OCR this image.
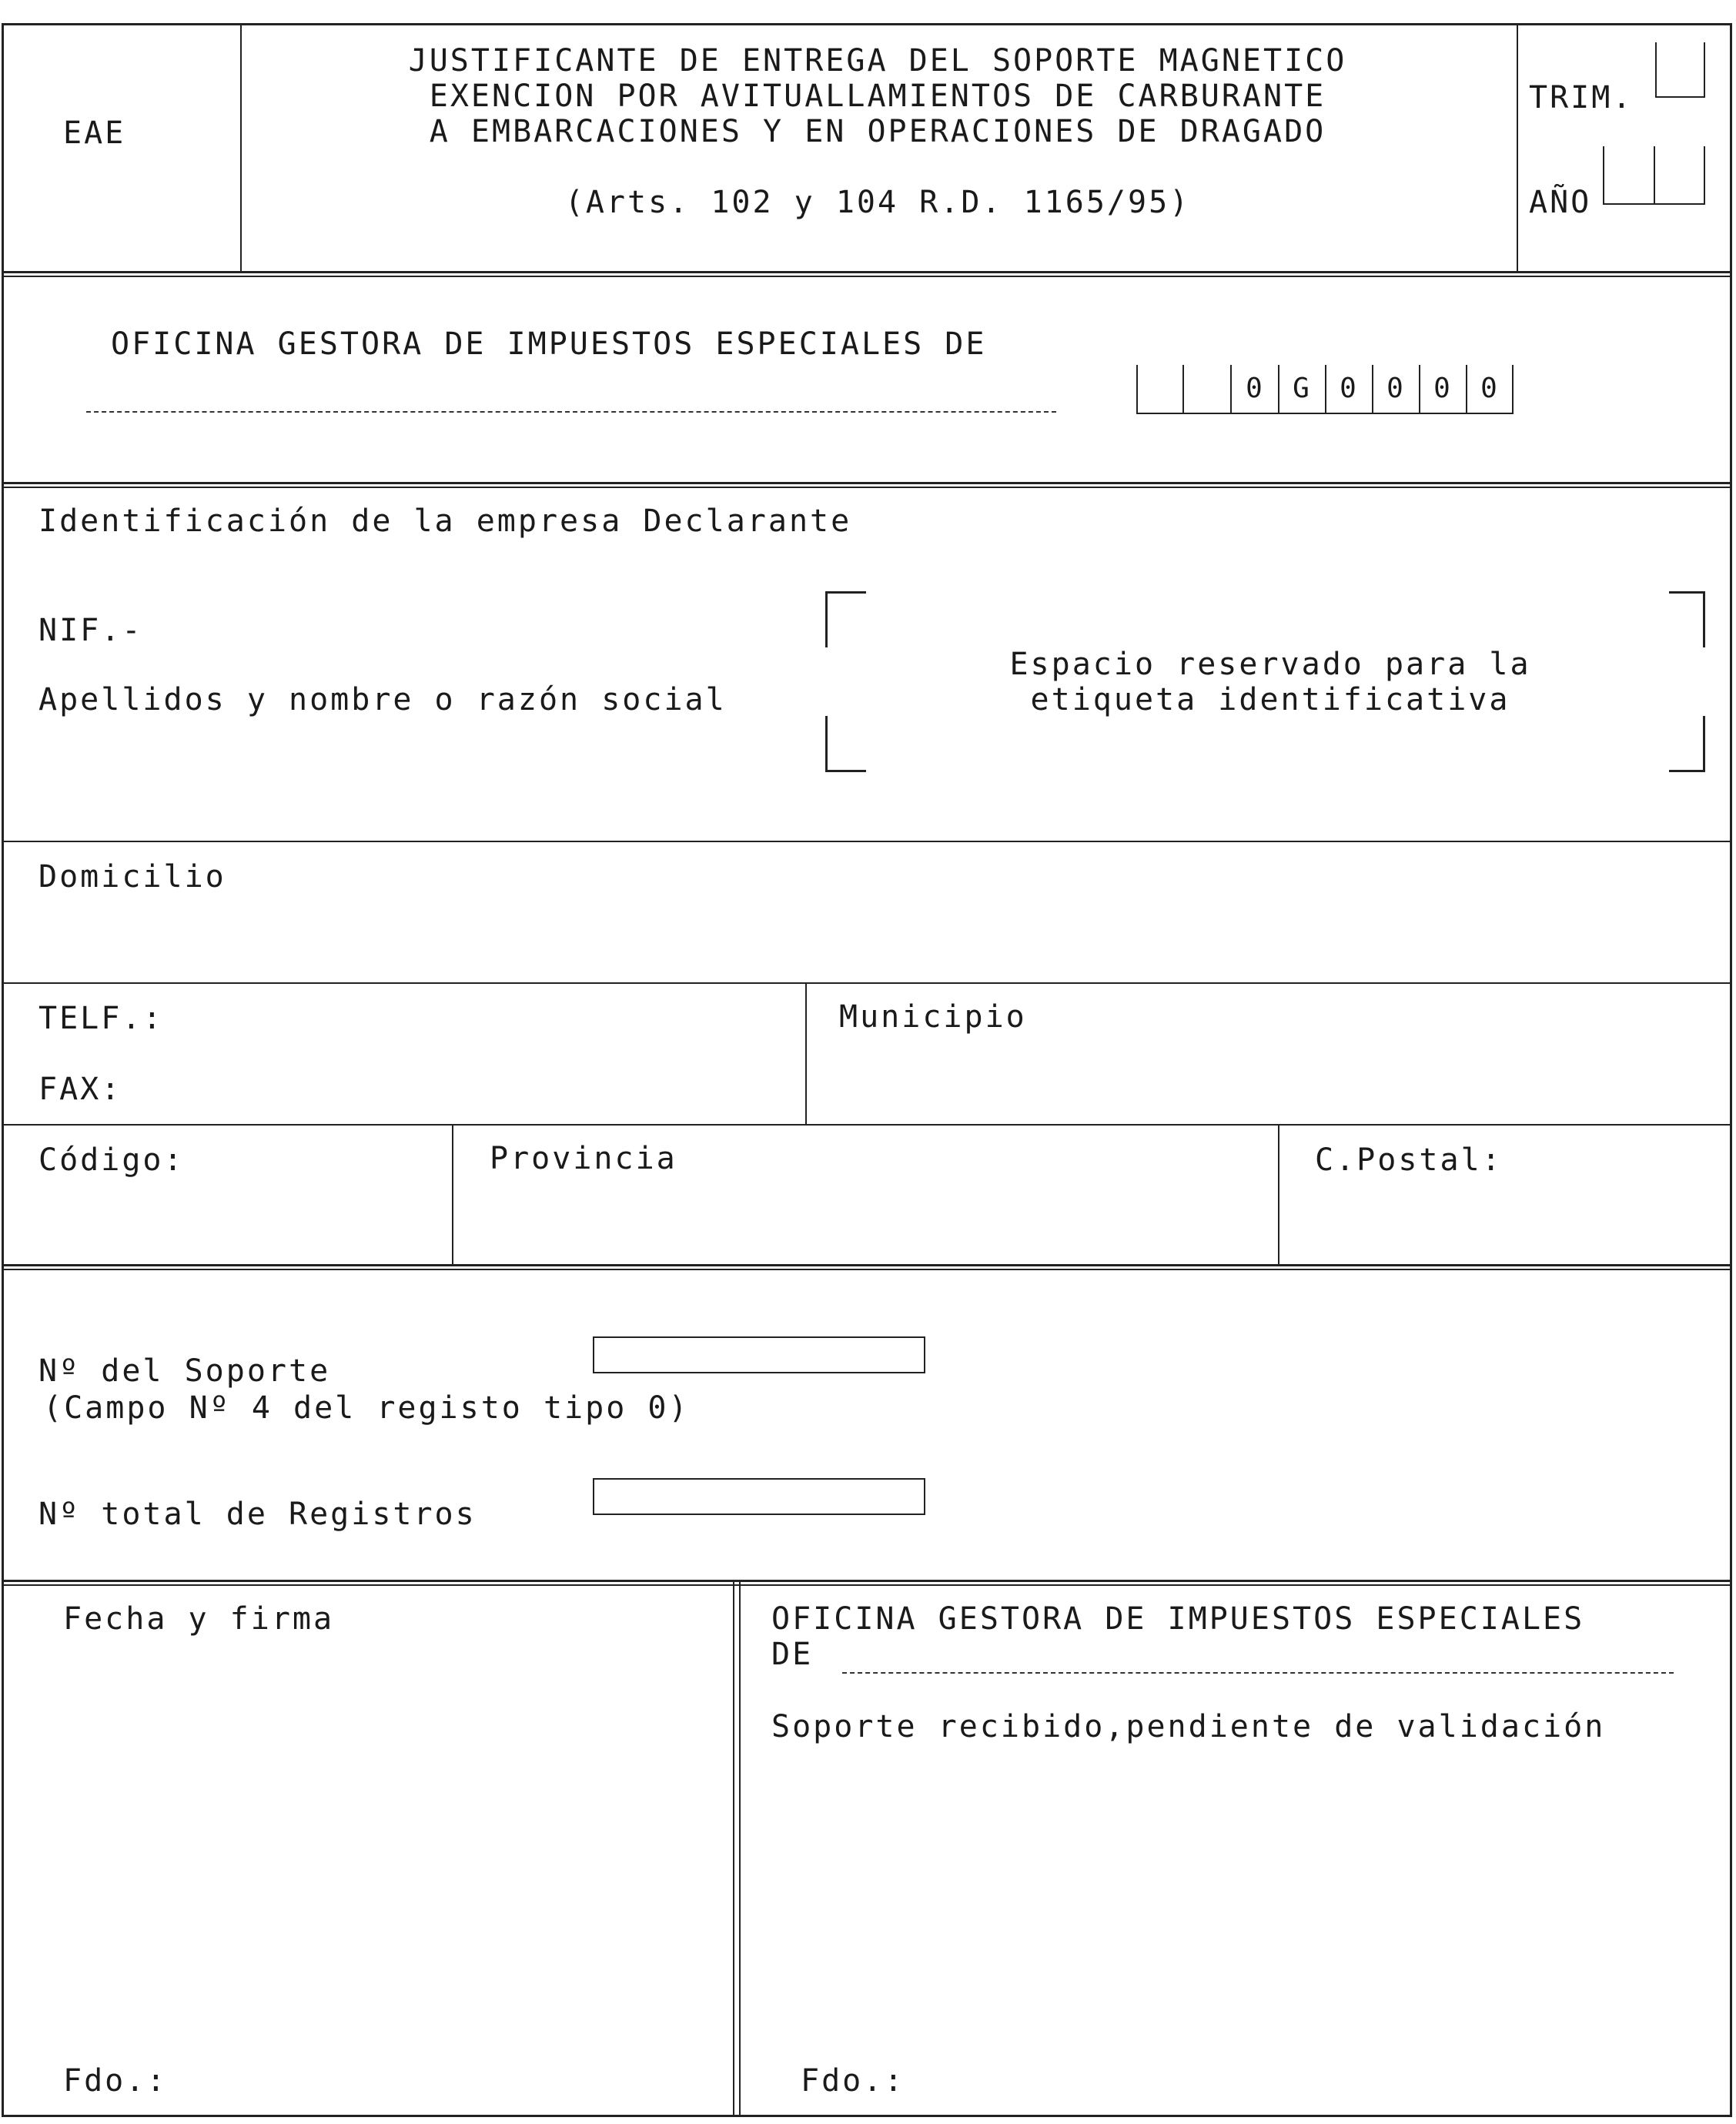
EAE
JUSTIFICANTE DE ENTREGA DEL SOPORTE MAGNETICO
EXENCION POR AVITUALLAMIENTOS DE CARBURANTE
A EMBARCACIONES Y EN OPERACIONES DE DRAGADO
(Arts. 102 y 104 R.D. 1165/95)
TRIM.
AÑO
OFICINA GESTORA DE IMPUESTOS ESPECIALES DE
0	G	0	0	0	0
Identificación de la empresa Declarante
NIF.-
Apellidos y nombre o razón social
Espacio reservado para la
etiqueta identificativa
Domicilio
TELF.:
FAX:
Municipio
Código:	Provincia	C.Postal:
Nº del Soporte
(Campo Nº 4 del registo tipo 0)
Nº total de Registros
Fecha y firma
Fdo.:
OFICINA GESTORA DE IMPUESTOS ESPECIALES
DE
Soporte recibido,pendiente de validación
Fdo.:
